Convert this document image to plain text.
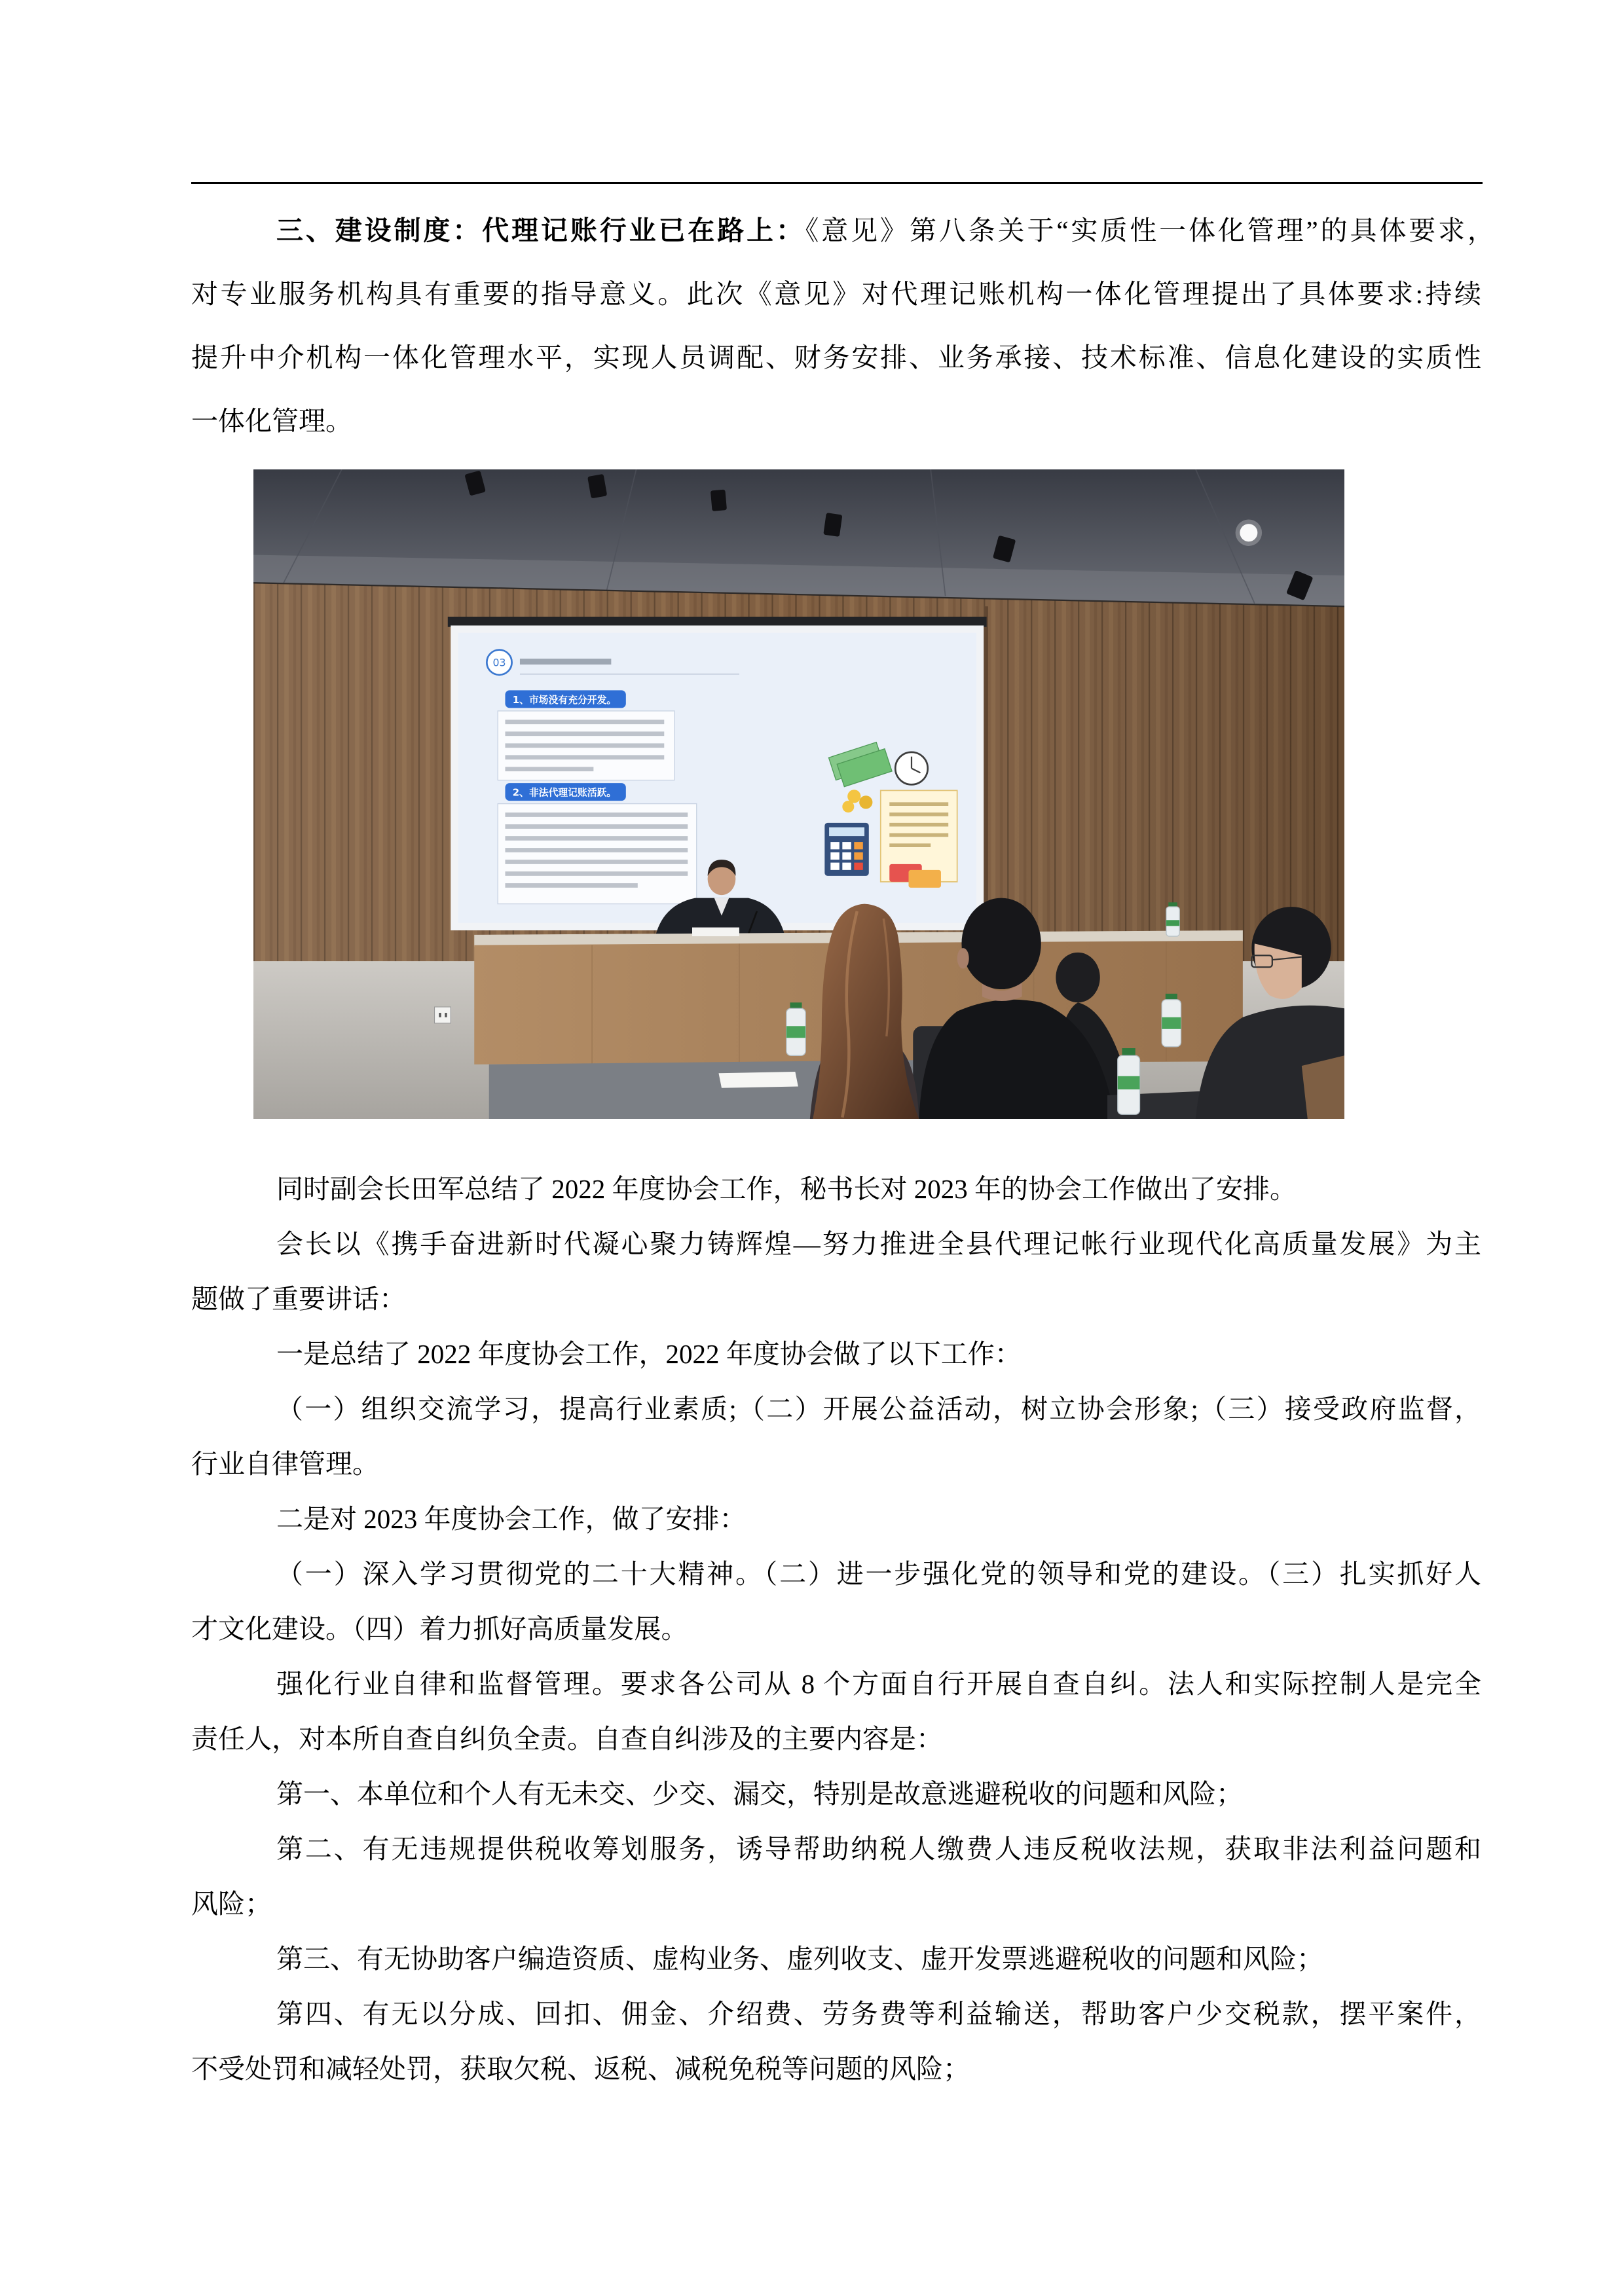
三、建设制度：代理记账行业已在路上：《意见》第八条关于“实质性一体化管理”的具体要求，
对专业服务机构具有重要的指导意义。此次《意见》对代理记账机构一体化管理提出了具体要求:持续
提升中介机构一体化管理水平，实现人员调配、财务安排、业务承接、技术标准、信息化建设的实质性
一体化管理。
03
1、市场没有充分开发。
2、非法代理记账活跃。
同时副会长田军总结了 2022 年度协会工作，秘书长对 2023 年的协会工作做出了安排。
会长以《携手奋进新时代凝心聚力铸辉煌—努力推进全县代理记帐行业现代化高质量发展》为主
题做了重要讲话：
一是总结了 2022 年度协会工作，2022 年度协会做了以下工作：
（一）组织交流学习，提高行业素质;（二）开展公益活动，树立协会形象;（三）接受政府监督，
行业自律管理。
二是对 2023 年度协会工作，做了安排：
（一）深入学习贯彻党的二十大精神。（二）进一步强化党的领导和党的建设。（三）扎实抓好人
才文化建设。（四）着力抓好高质量发展。
强化行业自律和监督管理。要求各公司从 8 个方面自行开展自查自纠。法人和实际控制人是完全
责任人，对本所自查自纠负全责。自查自纠涉及的主要内容是：
第一、本单位和个人有无未交、少交、漏交，特别是故意逃避税收的问题和风险；
第二、有无违规提供税收筹划服务，诱导帮助纳税人缴费人违反税收法规，获取非法利益问题和
风险；
第三、有无协助客户编造资质、虚构业务、虚列收支、虚开发票逃避税收的问题和风险；
第四、有无以分成、回扣、佣金、介绍费、劳务费等利益输送，帮助客户少交税款，摆平案件，
不受处罚和减轻处罚，获取欠税、返税、减税免税等问题的风险；
